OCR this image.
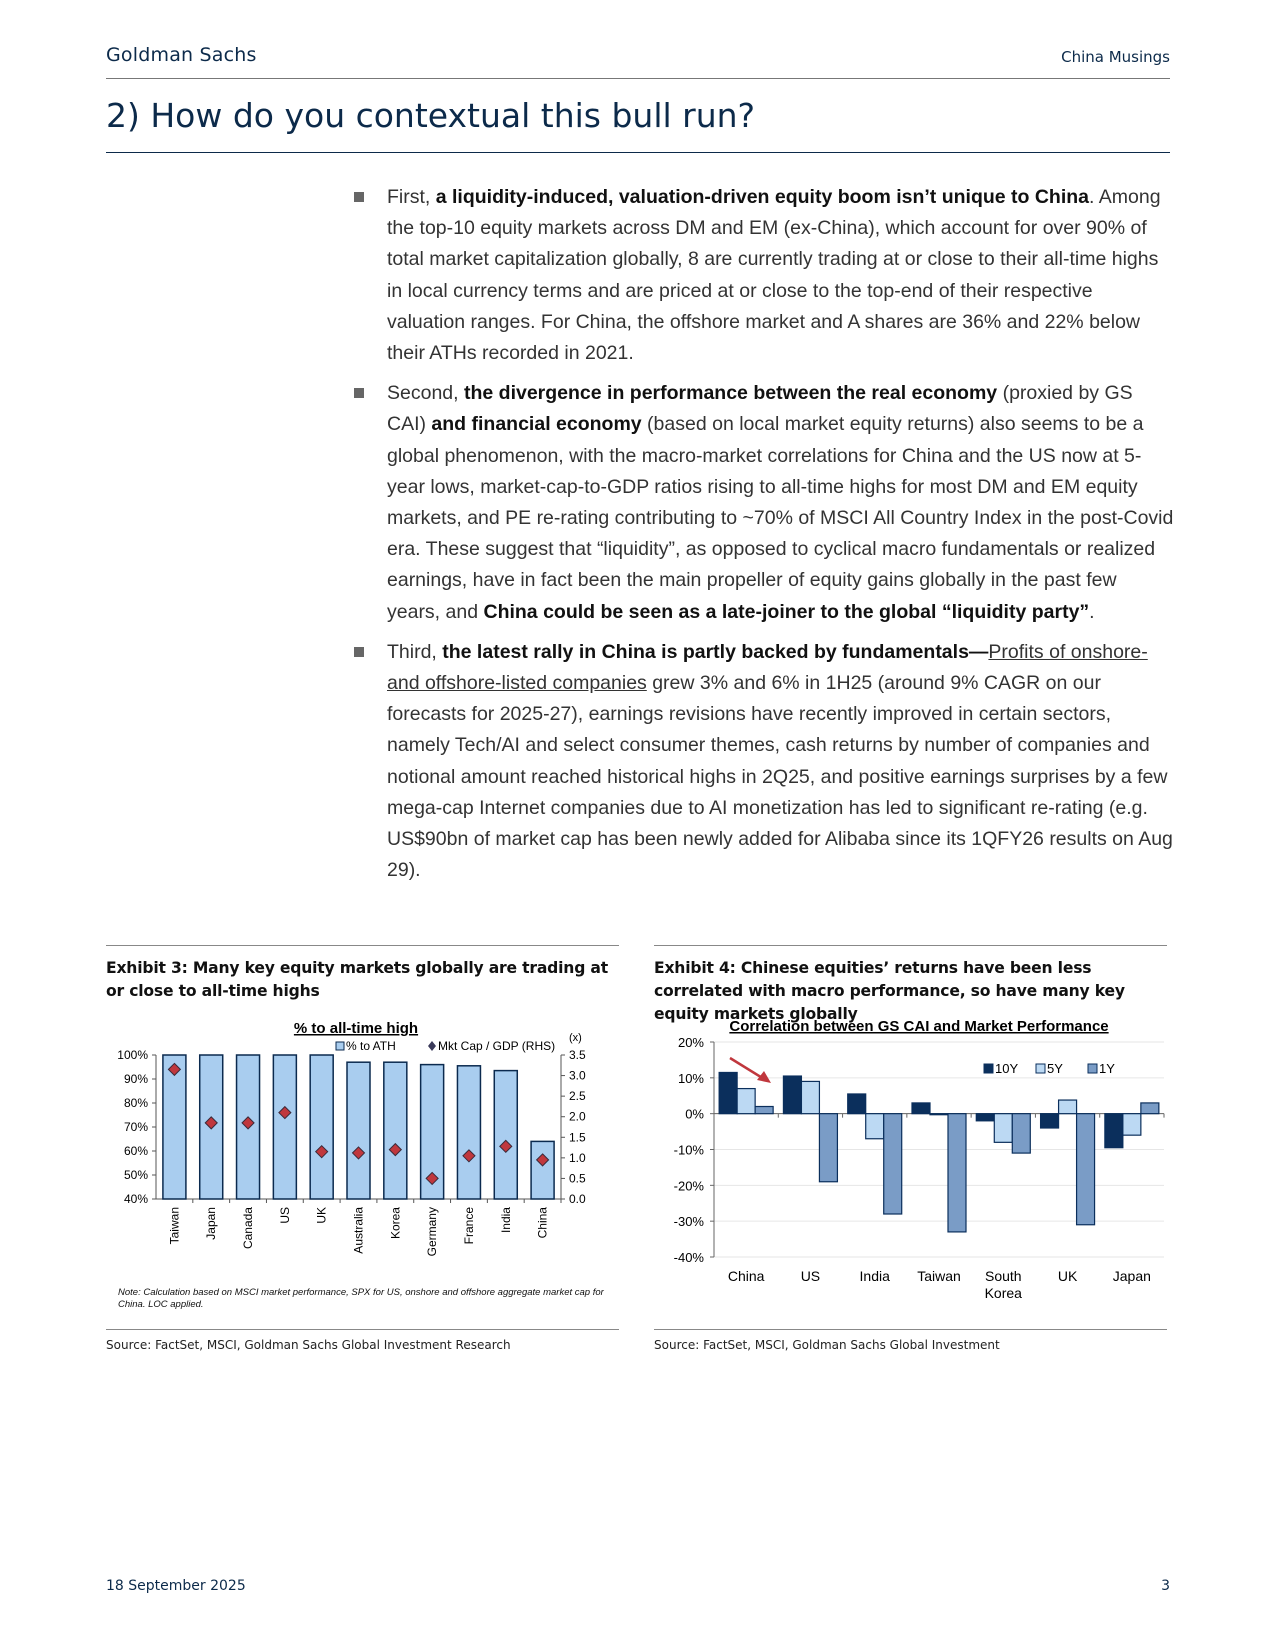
Goldman Sachs	China Musings
2) How do you contextual this bull run?
First, a liquidity-induced, valuation-driven equity boom isn’t unique to China. Among the top-10 equity markets across DM and EM (ex-China), which account for over 90% of total market capitalization globally, 8 are currently trading at or close to their all-time highs in local currency terms and are priced at or close to the top-end of their respective valuation ranges. For China, the offshore market and A shares are 36% and 22% below their ATHs recorded in 2021.
Second, the divergence in performance between the real economy (proxied by GS CAI) and financial economy (based on local market equity returns) also seems to be a global phenomenon, with the macro-market correlations for China and the US now at 5-year lows, market-cap-to-GDP ratios rising to all-time highs for most DM and EM equity markets, and PE re-rating contributing to ~70% of MSCI All Country Index in the post-Covid era. These suggest that “liquidity”, as opposed to cyclical macro fundamentals or realized earnings, have in fact been the main propeller of equity gains globally in the past few years, and China could be seen as a late-joiner to the global “liquidity party”.
Third, the latest rally in China is partly backed by fundamentals—Profits of onshore- and offshore-listed companies grew 3% and 6% in 1H25 (around 9% CAGR on our forecasts for 2025-27), earnings revisions have recently improved in certain sectors, namely Tech/AI and select consumer themes, cash returns by number of companies and notional amount reached historical highs in 2Q25, and positive earnings surprises by a few mega-cap Internet companies due to AI monetization has led to significant re-rating (e.g. US$90bn of market cap has been newly added for Alibaba since its 1QFY26 results on Aug 29).
Exhibit 3: Many key equity markets globally are trading at or close to all-time highs
% to all-time high
% to ATH	Mkt Cap / GDP (RHS)
100%
90%
80%
70%
60%
50%
40%
3.5
3.0
2.5
2.0
1.5
1.0
0.5
0.0
(x)
Taiwan Japan Canada US UK Australia Korea Germany France India China
Note: Calculation based on MSCI market performance, SPX for US, onshore and offshore aggregate market cap for China. LOC applied.
Source: FactSet, MSCI, Goldman Sachs Global Investment Research
Exhibit 4: Chinese equities’ returns have been less correlated with macro performance, so have many key equity markets globally
Correlation between GS CAI and Market Performance
20%
10%
0%
-10%
-20%
-30%
-40%
10Y 5Y	1Y
China	US	India Taiwan South
Korea
UK	Japan
Source: FactSet, MSCI, Goldman Sachs Global Investment
18 September 2025	3
